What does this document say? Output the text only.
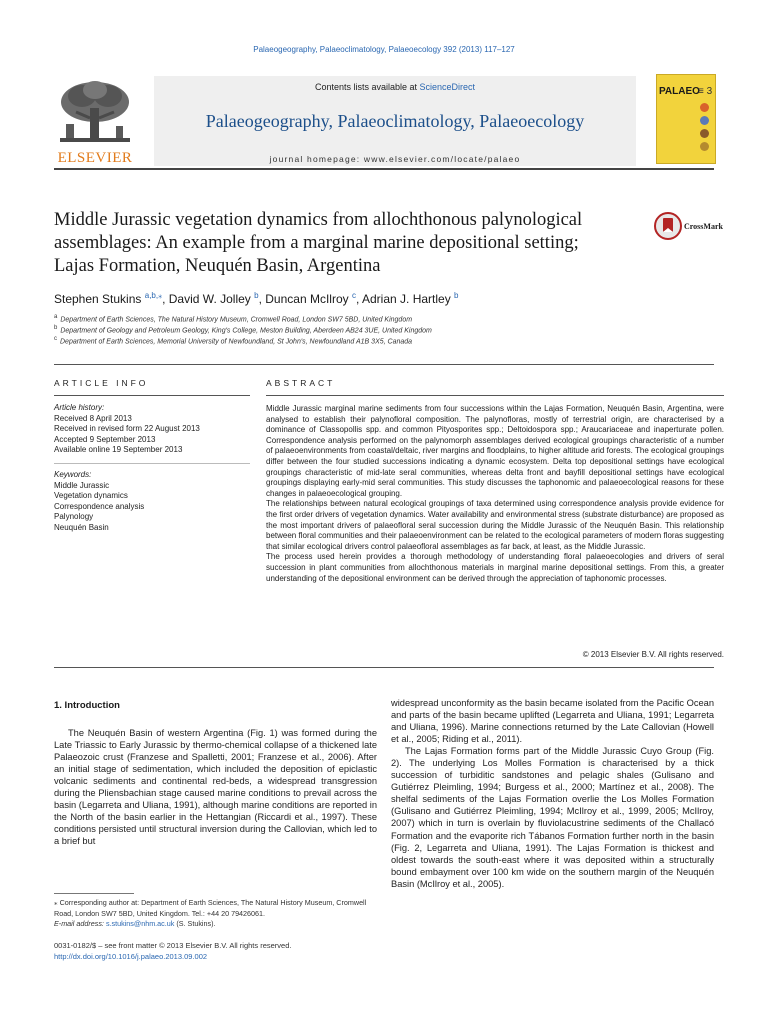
Palaeogeography, Palaeoclimatology, Palaeoecology 392 (2013) 117–127
Contents lists available at ScienceDirect
Palaeogeography, Palaeoclimatology, Palaeoecology
journal homepage: www.elsevier.com/locate/palaeo
ELSEVIER
PALAEO
≡ 3
Middle Jurassic vegetation dynamics from allochthonous palynological
assemblages: An example from a marginal marine depositional setting;
Lajas Formation, Neuquén Basin, Argentina
CrossMark
Stephen Stukins $^{a,b,⁎}$, David W. Jolley $^b$, Duncan McIlroy $^c$, Adrian J. Hartley $^b$
$^a$ Department of Earth Sciences, The Natural History Museum, Cromwell Road, London SW7 5BD, United Kingdom
$^b$ Department of Geology and Petroleum Geology, King's College, Meston Building, Aberdeen AB24 3UE, United Kingdom
$^c$ Department of Earth Sciences, Memorial University of Newfoundland, St John's, Newfoundland A1B 3X5, Canada
ARTICLE INFO	ABSTRACT
Article history:
Received 8 April 2013
Received in revised form 22 August 2013
Accepted 9 September 2013
Available online 19 September 2013
Keywords:
Middle Jurassic
Vegetation dynamics
Correspondence analysis
Palynology
Neuquén Basin

Middle Jurassic marginal marine sediments from four successions within the Lajas Formation, Neuquén Basin, Argentina, were analysed to establish their palynofloral composition. The palynofloras, mostly of terrestrial origin, are characterised by a dominance of Classopollis spp. and common Pityosporites spp.; Deltoidospora spp.; Araucariaceae and inaperturate pollen. Correspondence analysis performed on the palynomorph assemblages derived ecological groupings characteristic of a number of palaeoenvironments from coastal/deltaic, river margins and floodplains, to higher altitude arid forests. The ecological groupings differ between the four studied successions indicating a dynamic ecosystem. Delta top depositional settings have ecological groupings characteristic of mid-late seral communities, whereas delta front and bayfill depositional settings have ecological groupings displaying early-mid seral communities. This study discusses the taphonomic and palaeoecological reasons for these changes in palaeoecological grouping.

The relationships between natural ecological groupings of taxa determined using correspondence analysis provide evidence for the first order drivers of vegetation dynamics. Water availability and environmental stress (substrate disturbance) are proposed as the most important drivers of palaeofloral seral succession during the Middle Jurassic of the Neuquén Basin. This relationship between floral communities and their palaeoenvironment can be related to the ecological parameters of modern floras suggesting that similar ecological drivers control palaeofloral assemblages as far back, at least, as the Middle Jurassic.

The process used herein provides a thorough methodology of understanding floral palaeoecologies and drivers of seral succession in plant communities from allochthonous materials in marginal marine depositional settings. From this, a greater understanding of the depositional environment can be derived through the appreciation of taphonomic processes.

© 2013 Elsevier B.V. All rights reserved.
1. Introduction

The Neuquén Basin of western Argentina (Fig. 1) was formed during the Late Triassic to Early Jurassic by thermo-chemical collapse of a thickened late Palaeozoic crust (Franzese and Spalletti, 2001; Franzese et al., 2006). After an initial stage of sedimentation, which included the deposition of epiclastic volcanic sediments and continental red-beds, a widespread transgression during the Pliensbachian stage caused marine conditions to prevail across the basin (Legarreta and Uliana, 1991), although marine conditions are reported in the North of the basin earlier in the Hettangian (Riccardi et al., 1997). These conditions persisted until structural inversion during the Callovian, which led to a brief but

widespread unconformity as the basin became isolated from the Pacific Ocean and parts of the basin became uplifted (Legarreta and Uliana, 1991; Legarreta and Uliana, 1996). Marine connections returned by the Late Callovian (Howell et al., 2005; Riding et al., 2011).

The Lajas Formation forms part of the Middle Jurassic Cuyo Group (Fig. 2). The underlying Los Molles Formation is characterised by a thick succession of turbiditic sandstones and pelagic shales (Gulisano and Gutiérrez Pleimling, 1994; Burgess et al., 2000; Martínez et al., 2008). The shelfal sediments of the Lajas Formation overlie the Los Molles Formation (Gulisano and Gutiérrez Pleimling, 1994; McIlroy et al., 1999, 2005; McIlroy, 2007) which in turn is overlain by fluviolacustrine sediments of the Challacó Formation and the evaporite rich Tábanos Formation further north in the basin (Fig. 2, Legarreta and Uliana, 1991). The Lajas Formation is thickest and oldest towards the south-east where it was deposited within a structurally bound embayment over 100 km wide on the southern margin of the Neuquén Basin (McIlroy et al., 2005).

⁎ Corresponding author at: Department of Earth Sciences, The Natural History Museum, Cromwell Road, London SW7 5BD, United Kingdom. Tel.: +44 20 79426061.
E-mail address: s.stukins@nhm.ac.uk (S. Stukins).
0031-0182/$ – see front matter © 2013 Elsevier B.V. All rights reserved.
http://dx.doi.org/10.1016/j.palaeo.2013.09.002
